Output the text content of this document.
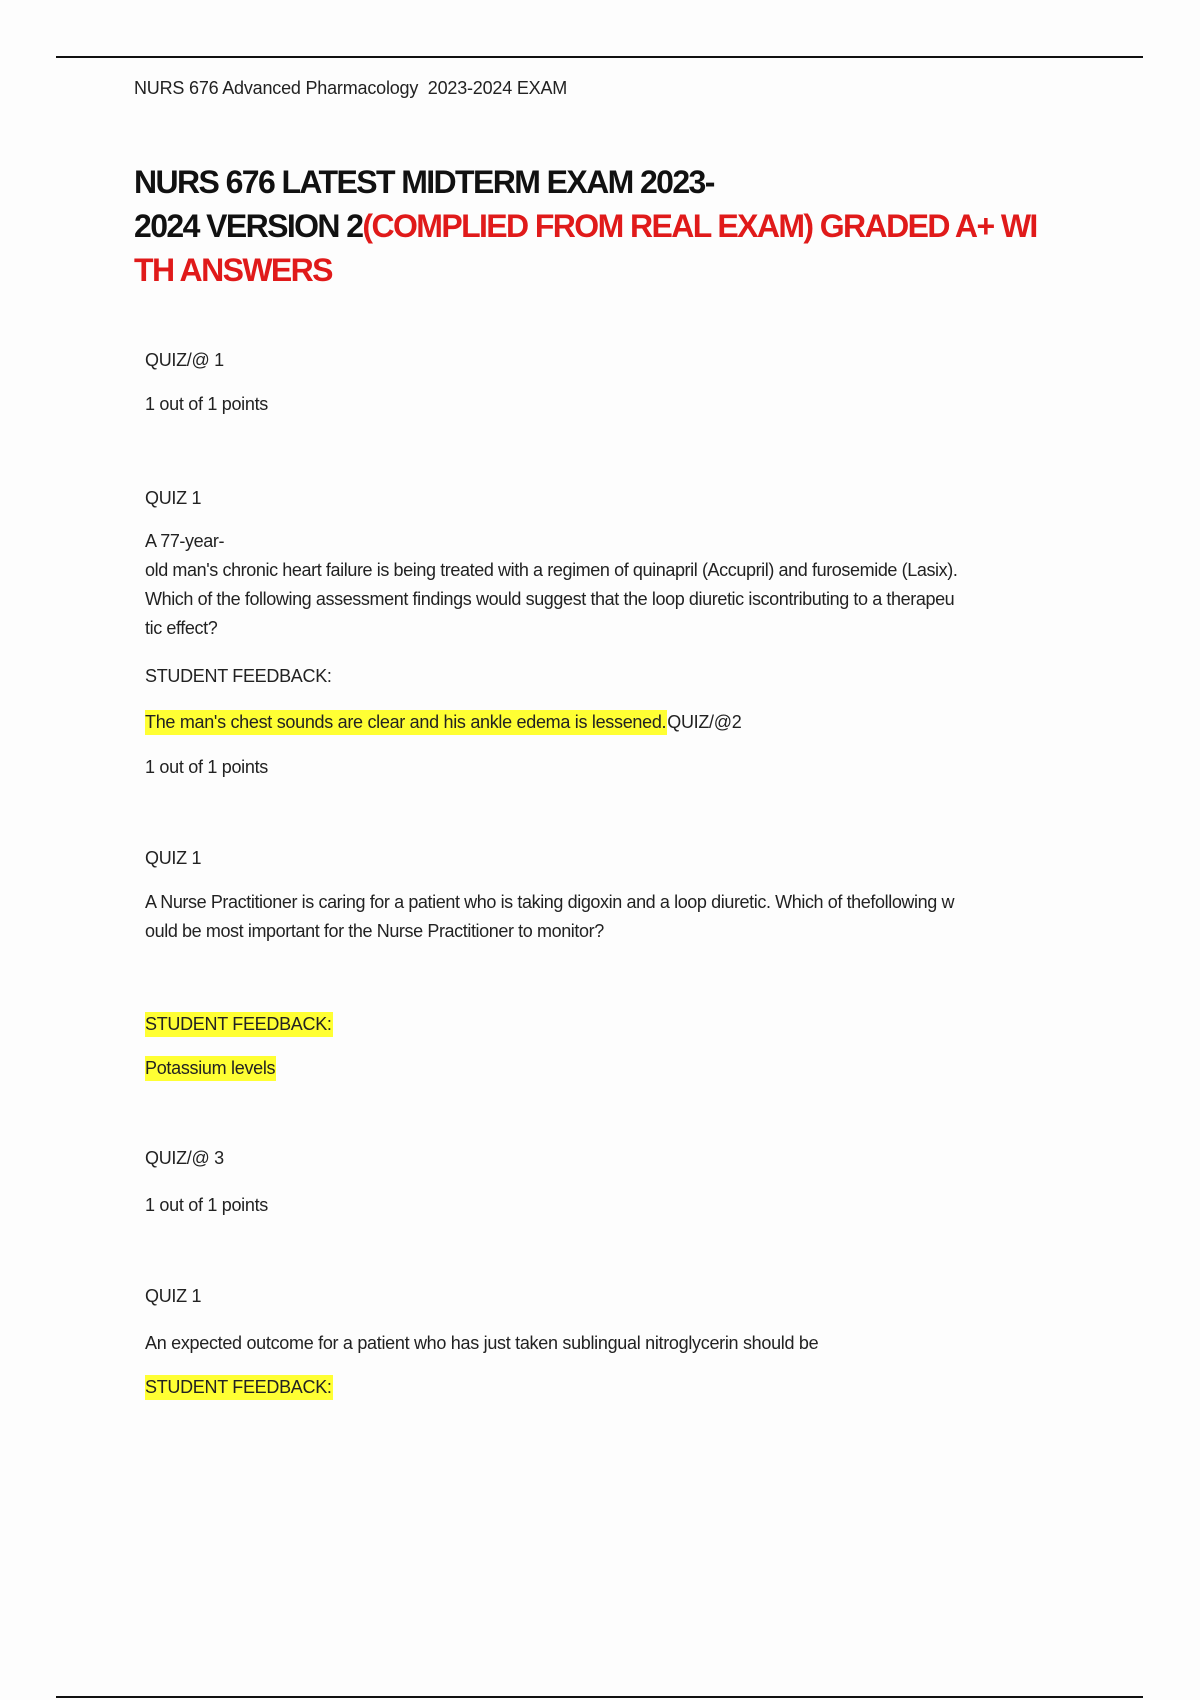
NURS 676 Advanced Pharmacology  2023-2024 EXAM
NURS 676 LATEST MIDTERM EXAM 2023-
2024 VERSION 2(COMPLIED FROM REAL EXAM) GRADED A+ WI
TH ANSWERS
QUIZ/@ 1
1 out of 1 points
QUIZ 1
A 77-year-
old man's chronic heart failure is being treated with a regimen of quinapril (Accupril) and furosemide (Lasix).
Which of the following assessment findings would suggest that the loop diuretic iscontributing to a therapeu
tic effect?
STUDENT FEEDBACK:
The man's chest sounds are clear and his ankle edema is lessened.QUIZ/@2
1 out of 1 points
QUIZ 1
A Nurse Practitioner is caring for a patient who is taking digoxin and a loop diuretic. Which of thefollowing w
ould be most important for the Nurse Practitioner to monitor?
STUDENT FEEDBACK:
Potassium levels
QUIZ/@ 3
1 out of 1 points
QUIZ 1
An expected outcome for a patient who has just taken sublingual nitroglycerin should be
STUDENT FEEDBACK:
